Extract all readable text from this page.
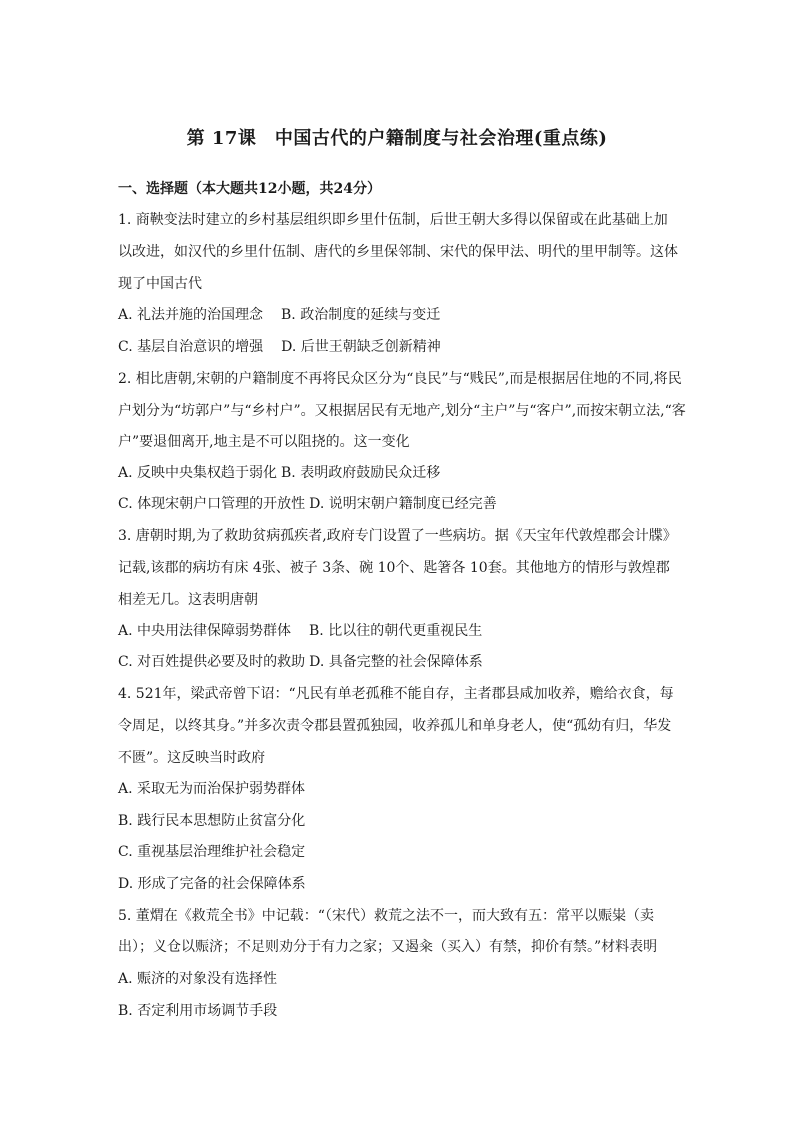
第 17课　中国古代的户籍制度与社会治理(重点练)
一、选择题（本大题共12小题，共24分）
1. 商鞅变法时建立的乡村基层组织即乡里什伍制，后世王朝大多得以保留或在此基础上加
以改进，如汉代的乡里什伍制、唐代的乡里保邻制、宋代的保甲法、明代的里甲制等。这体
现了中国古代
A. 礼法并施的治国理念 B. 政治制度的延续与变迁
C. 基层自治意识的增强 D. 后世王朝缺乏创新精神
2. 相比唐朝,宋朝的户籍制度不再将民众区分为“良民”与“贱民”,而是根据居住地的不同,将民
户划分为“坊郭户”与“乡村户”。又根据居民有无地产,划分“主户”与“客户”,而按宋朝立法,“客
户”要退佃离开,地主是不可以阻挠的。这一变化
A. 反映中央集权趋于弱化 B. 表明政府鼓励民众迁移
C. 体现宋朝户口管理的开放性 D. 说明宋朝户籍制度已经完善
3. 唐朝时期,为了救助贫病孤疾者,政府专门设置了一些病坊。据《天宝年代敦煌郡会计牒》
记载,该郡的病坊有床 4张、被子 3条、碗 10个、匙箸各 10套。其他地方的情形与敦煌郡
相差无几。这表明唐朝
A. 中央用法律保障弱势群体 B. 比以往的朝代更重视民生
C. 对百姓提供必要及时的救助 D. 具备完整的社会保障体系
4. 521年，梁武帝曾下诏：“凡民有单老孤稚不能自存，主者郡县咸加收养，赡给衣食，每
令周足，以终其身。”并多次责令郡县置孤独园，收养孤儿和单身老人，使“孤幼有归，华发
不匮”。这反映当时政府
A. 采取无为而治保护弱势群体
B. 践行民本思想防止贫富分化
C. 重视基层治理维护社会稳定
D. 形成了完备的社会保障体系
5. 董煟在《救荒全书》中记载：“（宋代）救荒之法不一，而大致有五：常平以赈粜（卖
出）；义仓以赈济；不足则劝分于有力之家；又遏籴（买入）有禁，抑价有禁。”材料表明
A. 赈济的对象没有选择性
B. 否定利用市场调节手段
